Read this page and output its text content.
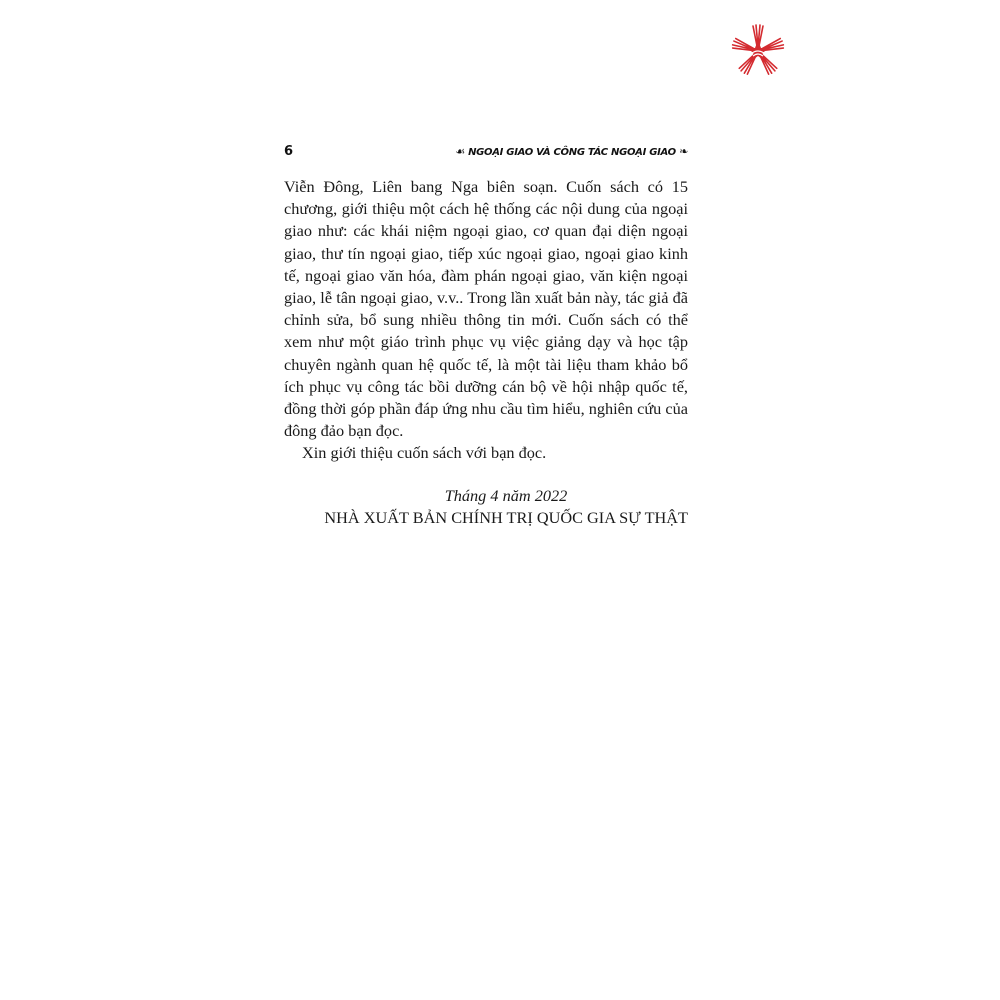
6	☙ NGOẠI GIAO VÀ CÔNG TÁC NGOẠI GIAO ❧

Viễn Đông, Liên bang Nga biên soạn. Cuốn sách có 15 chương, giới thiệu một cách hệ thống các nội dung của ngoại giao như: các khái niệm ngoại giao, cơ quan đại diện ngoại giao, thư tín ngoại giao, tiếp xúc ngoại giao, ngoại giao kinh tế, ngoại giao văn hóa, đàm phán ngoại giao, văn kiện ngoại giao, lễ tân ngoại giao, v.v.. Trong lần xuất bản này, tác giả đã chỉnh sửa, bổ sung nhiều thông tin mới. Cuốn sách có thể xem như một giáo trình phục vụ việc giảng dạy và học tập chuyên ngành quan hệ quốc tế, là một tài liệu tham khảo bổ ích phục vụ công tác bồi dưỡng cán bộ về hội nhập quốc tế, đồng thời góp phần đáp ứng nhu cầu tìm hiểu, nghiên cứu của đông đảo bạn đọc.

Xin giới thiệu cuốn sách với bạn đọc.

Tháng 4 năm 2022
NHÀ XUẤT BẢN CHÍNH TRỊ QUỐC GIA SỰ THẬT
